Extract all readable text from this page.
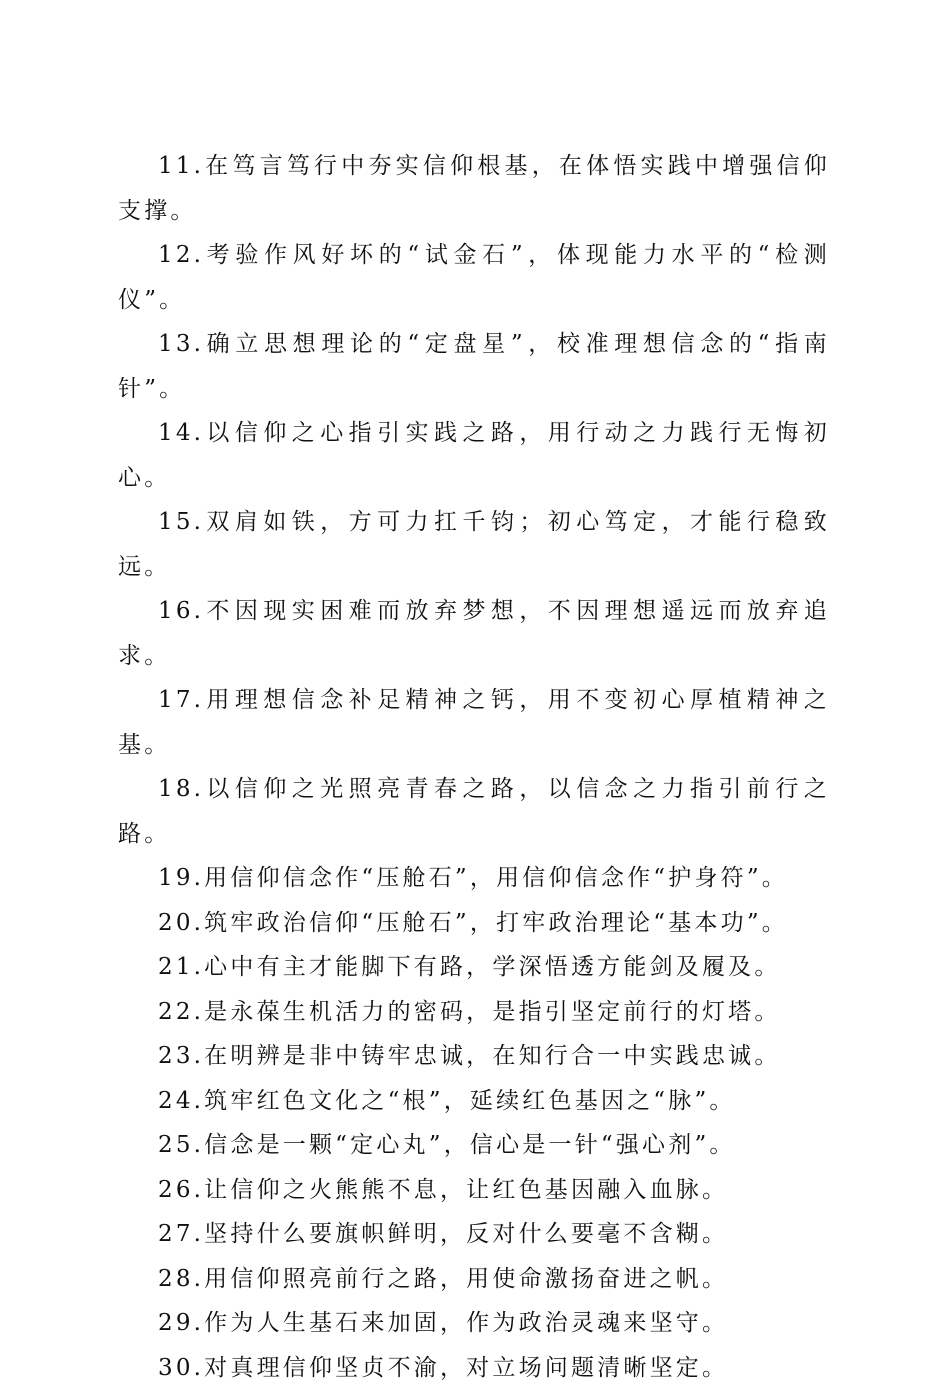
11.在笃言笃行中夯实信仰根基，在体悟实践中增强信仰支撑。

12.考验作风好坏的“试金石”，体现能力水平的“检测仪”。

13.确立思想理论的“定盘星”，校准理想信念的“指南针”。

14.以信仰之心指引实践之路，用行动之力践行无悔初心。

15.双肩如铁，方可力扛千钧；初心笃定，才能行稳致远。

16.不因现实困难而放弃梦想，不因理想遥远而放弃追求。

17.用理想信念补足精神之钙，用不变初心厚植精神之基。

18.以信仰之光照亮青春之路，以信念之力指引前行之路。

19.用信仰信念作“压舱石”，用信仰信念作“护身符”。

20.筑牢政治信仰“压舱石”，打牢政治理论“基本功”。

21.心中有主才能脚下有路，学深悟透方能剑及履及。

22.是永葆生机活力的密码，是指引坚定前行的灯塔。

23.在明辨是非中铸牢忠诚，在知行合一中实践忠诚。

24.筑牢红色文化之“根”，延续红色基因之“脉”。

25.信念是一颗“定心丸”，信心是一针“强心剂”。

26.让信仰之火熊熊不息，让红色基因融入血脉。

27.坚持什么要旗帜鲜明，反对什么要毫不含糊。

28.用信仰照亮前行之路，用使命激扬奋进之帆。

29.作为人生基石来加固，作为政治灵魂来坚守。

30.对真理信仰坚贞不渝，对立场问题清晰坚定。
